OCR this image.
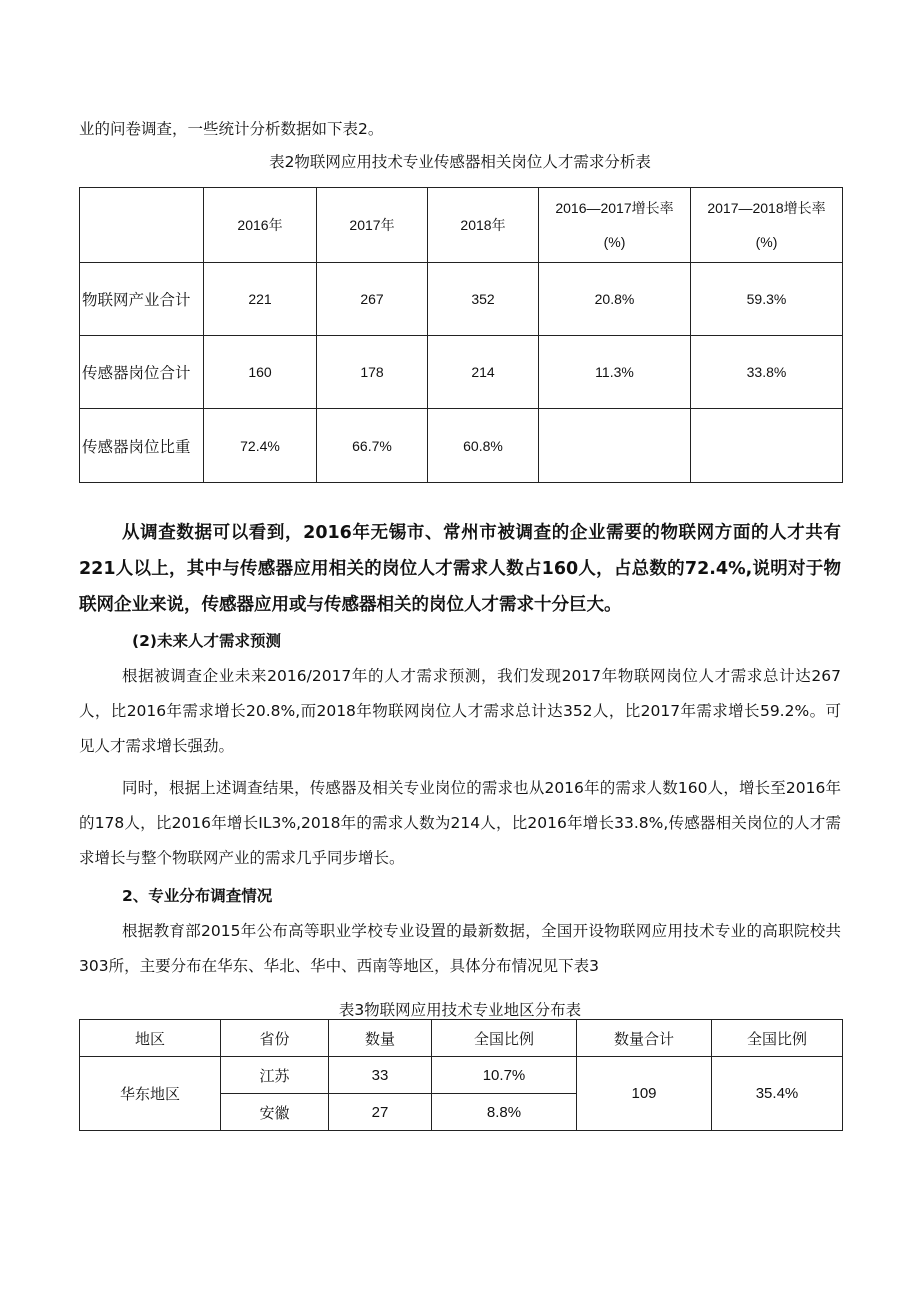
业的问卷调查，一些统计分析数据如下表2。

表2物联网应用技术专业传感器相关岗位人才需求分析表
	2016年	2017年	2018年	2016—2017增长率(%)	2017—2018增长率(%)
物联网产业合计	221	267	352	20.8%	59.3%
传感器岗位合计	160	178	214	11.3%	33.8%
传感器岗位比重	72.4%	66.7%	60.8%		

从调查数据可以看到，2016年无锡市、常州市被调查的企业需要的物联网方面的人才共有221人以上，其中与传感器应用相关的岗位人才需求人数占160人，占总数的72.4%,说明对于物联网企业来说，传感器应用或与传感器相关的岗位人才需求十分巨大。

(2)未来人才需求预测

根据被调查企业未来2016/2017年的人才需求预测，我们发现2017年物联网岗位人才需求总计达267人，比2016年需求增长20.8%,而2018年物联网岗位人才需求总计达352人，比2017年需求增长59.2%。可见人才需求增长强劲。

同时，根据上述调查结果，传感器及相关专业岗位的需求也从2016年的需求人数160人，增长至2016年的178人，比2016年增长IL3%,2018年的需求人数为214人，比2016年增长33.8%,传感器相关岗位的人才需求增长与整个物联网产业的需求几乎同步增长。

2、专业分布调查情况

根据教育部2015年公布高等职业学校专业设置的最新数据，全国开设物联网应用技术专业的高职院校共303所，主要分布在华东、华北、华中、西南等地区，具体分布情况见下表3

表3物联网应用技术专业地区分布表
地区	省份	数量	全国比例	数量合计	全国比例
华东地区	江苏	33	10.7%	109	35.4%
	安徽	27	8.8%		
